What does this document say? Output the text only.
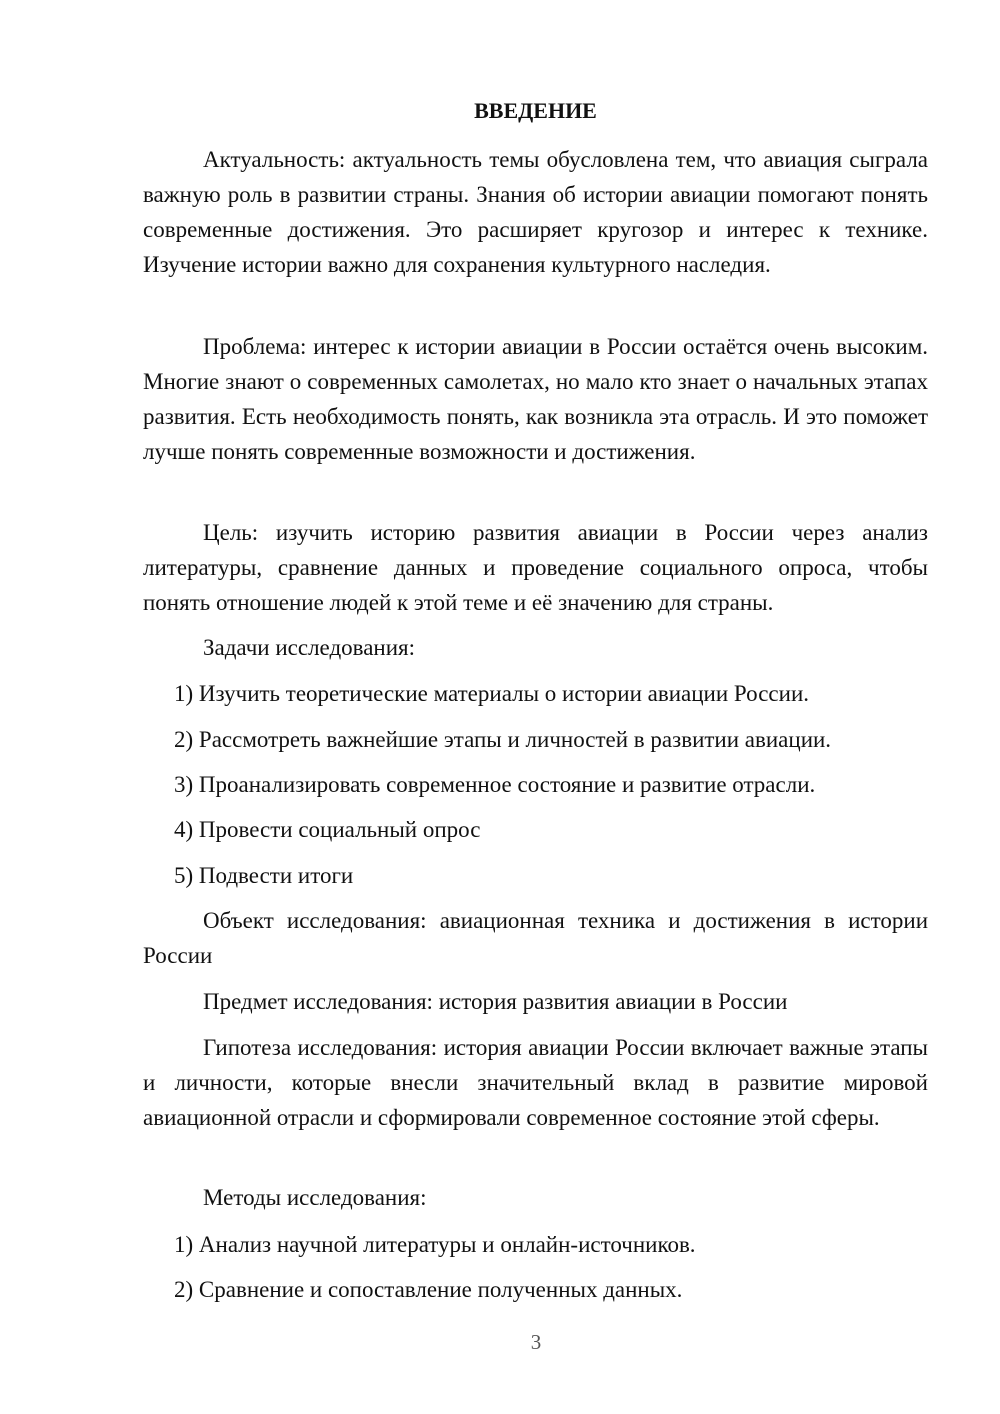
ВВЕДЕНИЕ

Актуальность: актуальность темы обусловлена тем, что авиация сыграла важную роль в развитии страны. Знания об истории авиации помогают понять современные достижения. Это расширяет кругозор и интерес к технике. Изучение истории важно для сохранения культурного наследия.

Проблема: интерес к истории авиации в России остаётся очень высоким. Многие знают о современных самолетах, но мало кто знает о начальных этапах развития. Есть необходимость понять, как возникла эта отрасль. И это поможет лучше понять современные возможности и достижения.

Цель: изучить историю развития авиации в России через анализ литературы, сравнение данных и проведение социального опроса, чтобы понять отношение людей к этой теме и её значению для страны.

Задачи исследования:

1) Изучить теоретические материалы о истории авиации России.

2) Рассмотреть важнейшие этапы и личностей в развитии авиации.

3) Проанализировать современное состояние и развитие отрасли.

4) Провести социальный опрос

5) Подвести итоги

Объект исследования: авиационная техника и достижения в истории России

Предмет исследования: история развития авиации в России

Гипотеза исследования: история авиации России включает важные этапы и личности, которые внесли значительный вклад в развитие мировой авиационной отрасли и сформировали современное состояние этой сферы.

Методы исследования:

1) Анализ научной литературы и онлайн-источников.

2) Сравнение и сопоставление полученных данных.

3
